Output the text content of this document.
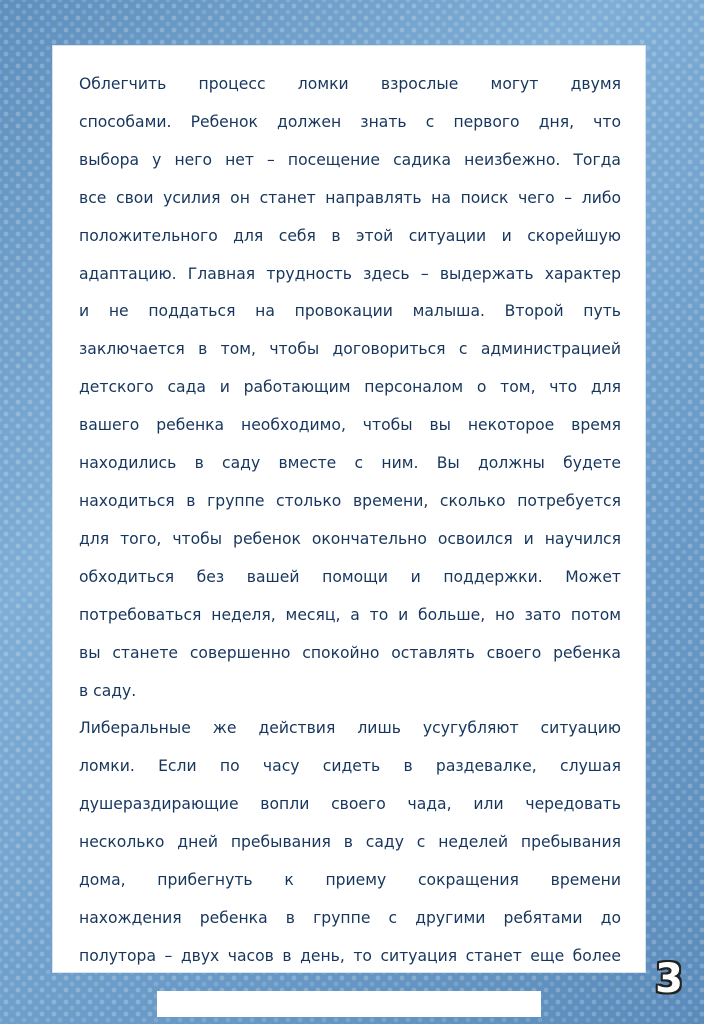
Облегчить процесс ломки взрослые могут двумя
способами. Ребенок должен знать с первого дня, что
выбора у него нет – посещение садика неизбежно. Тогда
все свои усилия он станет направлять на поиск чего – либо
положительного для себя в этой ситуации и скорейшую
адаптацию. Главная трудность здесь – выдержать характер
и не поддаться на провокации малыша. Второй путь
заключается в том, чтобы договориться с администрацией
детского сада и работающим персоналом о том, что для
вашего ребенка необходимо, чтобы вы некоторое время
находились в саду вместе с ним. Вы должны будете
находиться в группе столько времени, сколько потребуется
для того, чтобы ребенок окончательно освоился и научился
обходиться без вашей помощи и поддержки. Может
потребоваться неделя, месяц, а то и больше, но зато потом
вы станете совершенно спокойно оставлять своего ребенка
в саду.
Либеральные же действия лишь усугубляют ситуацию
ломки. Если по часу сидеть в раздевалке, слушая
душераздирающие вопли своего чада, или чередовать
несколько дней пребывания в саду с неделей пребывания
дома, прибегнуть к приему сокращения времени
нахождения ребенка в группе с другими ребятами до
полутора – двух часов в день, то ситуация станет еще более
3
